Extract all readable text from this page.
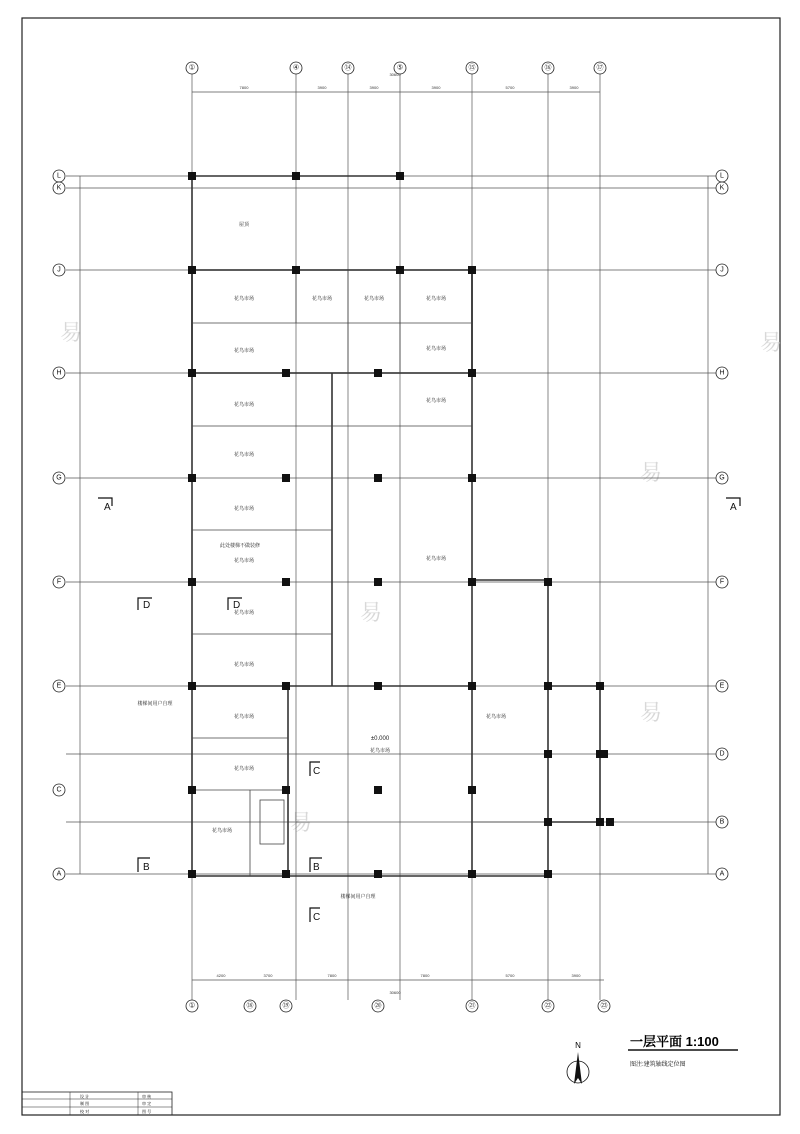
易
易
易
易
易
易
①	④	⑭	⑤	⑮	⑯	⑰
①	⑱	⑲	⑳	㉑	㉒	㉓
L
K
J
H
G
F
E
C
A
L
K
J
H
G
F
E
D
B
A
30600
30600
7800	3900	3900	3900	5700	3900
4200	3700	7800	7800	5700	3900
屋顶
花鸟市场	花鸟市场	花鸟市场	花鸟市场
花鸟市场	花鸟市场
花鸟市场
花鸟市场
花鸟市场
花鸟市场
花鸟市场	花鸟市场
花鸟市场
花鸟市场
花鸟市场
花鸟市场
花鸟市场
花鸟市场
花鸟市场
±0.000
楼梯间用户自理
楼梯间用户自理
此处楼梯不做装修
A	A
D	D
C
C
B	B
N	一层平面 1:100
图注:建筑轴线定位图
设 计	审 核
制 图	审 定
校 对	图 号
